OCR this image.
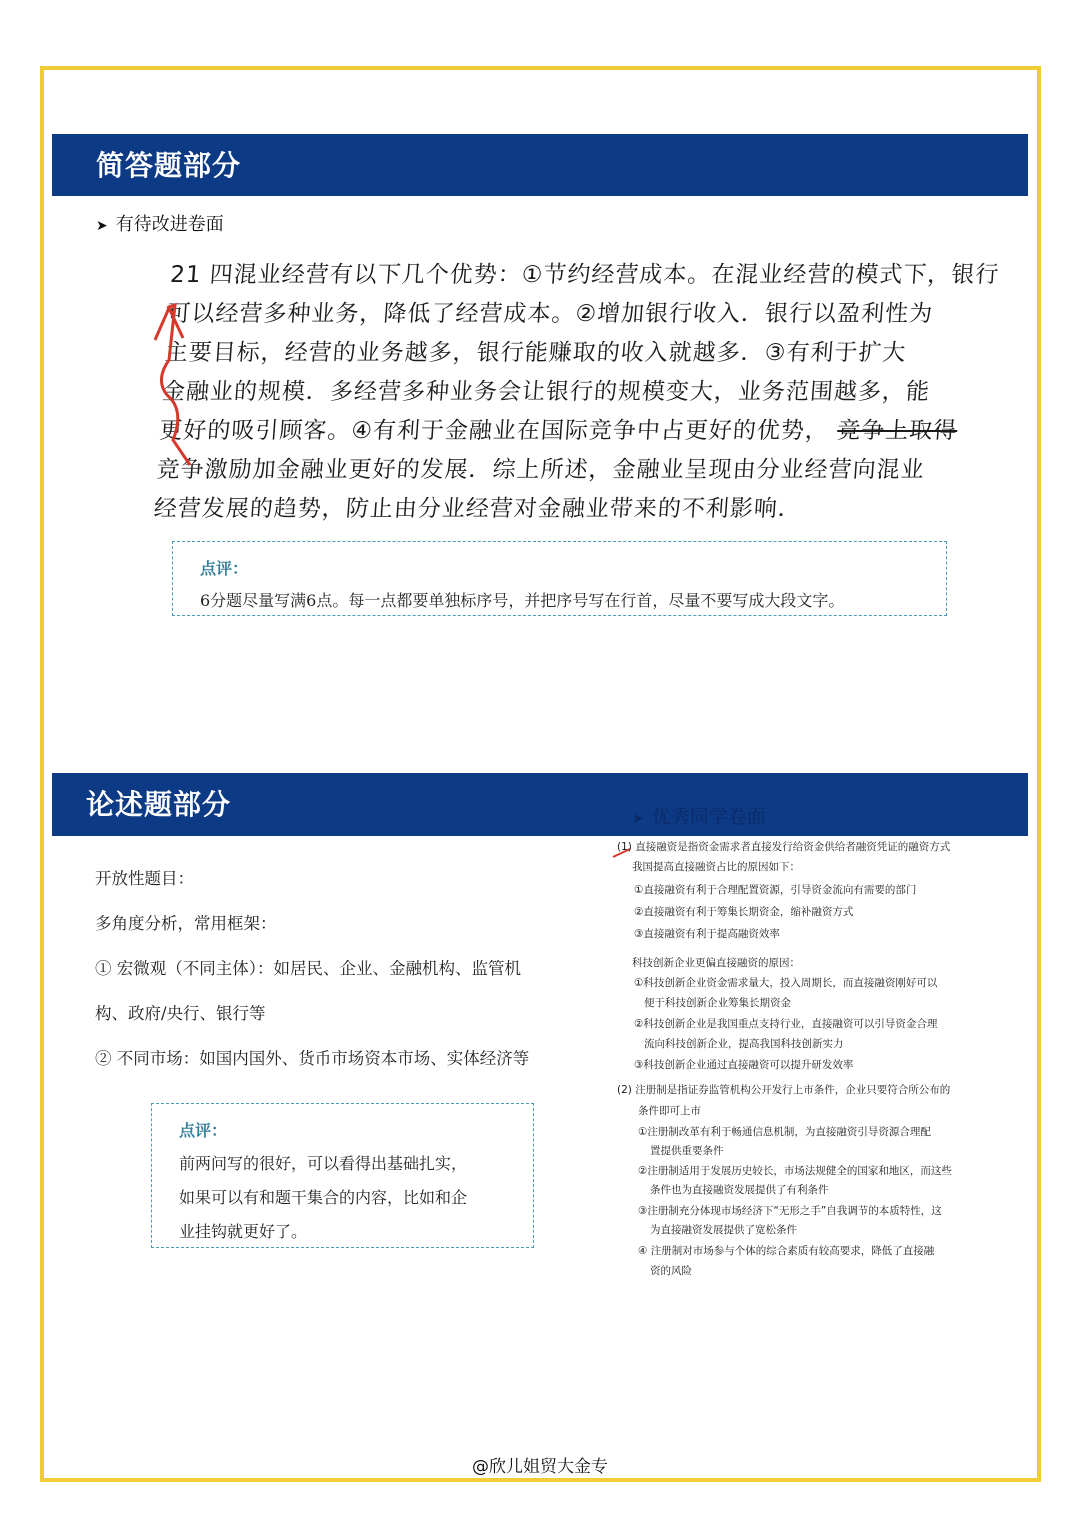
简答题部分
➤ 有待改进卷面
21 四混业经营有以下几个优势：①节约经营成本。在混业经营的模式下，银行
可以经营多种业务，降低了经营成本。②增加银行收入．银行以盈利性为
主要目标，经营的业务越多，银行能赚取的收入就越多．③有利于扩大
金融业的规模．多经营多种业务会让银行的规模变大，业务范围越多，能
更好的吸引顾客。④有利于金融业在国际竞争中占更好的优势， 竞争上取得
竞争激励加金融业更好的发展．综上所述，金融业呈现由分业经营向混业
经营发展的趋势，防止由分业经营对金融业带来的不利影响．
点评：
6分题尽量写满6点。每一点都要单独标序号，并把序号写在行首，尽量不要写成大段文字。
论述题部分	➤ 优秀同学卷面
开放性题目：
多角度分析，常用框架：
① 宏微观（不同主体）：如居民、企业、金融机构、监管机
构、政府/央行、银行等
② 不同市场：如国内国外、货币市场资本市场、实体经济等
点评：
前两问写的很好，可以看得出基础扎实，
如果可以有和题干集合的内容，比如和企
业挂钩就更好了。
(1) 直接融资是指资金需求者直接发行给资金供给者融资凭证的融资方式
我国提高直接融资占比的原因如下：
①直接融资有利于合理配置资源，引导资金流向有需要的部门
②直接融资有利于筹集长期资金，缩补融资方式
③直接融资有利于提高融资效率
科技创新企业更偏直接融资的原因：
①科技创新企业资金需求量大，投入周期长，而直接融资刚好可以
便于科技创新企业筹集长期资金
②科技创新企业是我国重点支持行业，直接融资可以引导资金合理
流向科技创新企业，提高我国科技创新实力
③科技创新企业通过直接融资可以提升研发效率
(2) 注册制是指证券监管机构公开发行上市条件，企业只要符合所公布的
条件即可上市
①注册制改革有利于畅通信息机制，为直接融资引导资源合理配
置提供重要条件
②注册制适用于发展历史较长，市场法规健全的国家和地区，而这些
条件也为直接融资发展提供了有利条件
③注册制充分体现市场经济下“无形之手”自我调节的本质特性，这
为直接融资发展提供了宽松条件
④ 注册制对市场参与个体的综合素质有较高要求，降低了直接融
资的风险
@欣儿姐贸大金专
